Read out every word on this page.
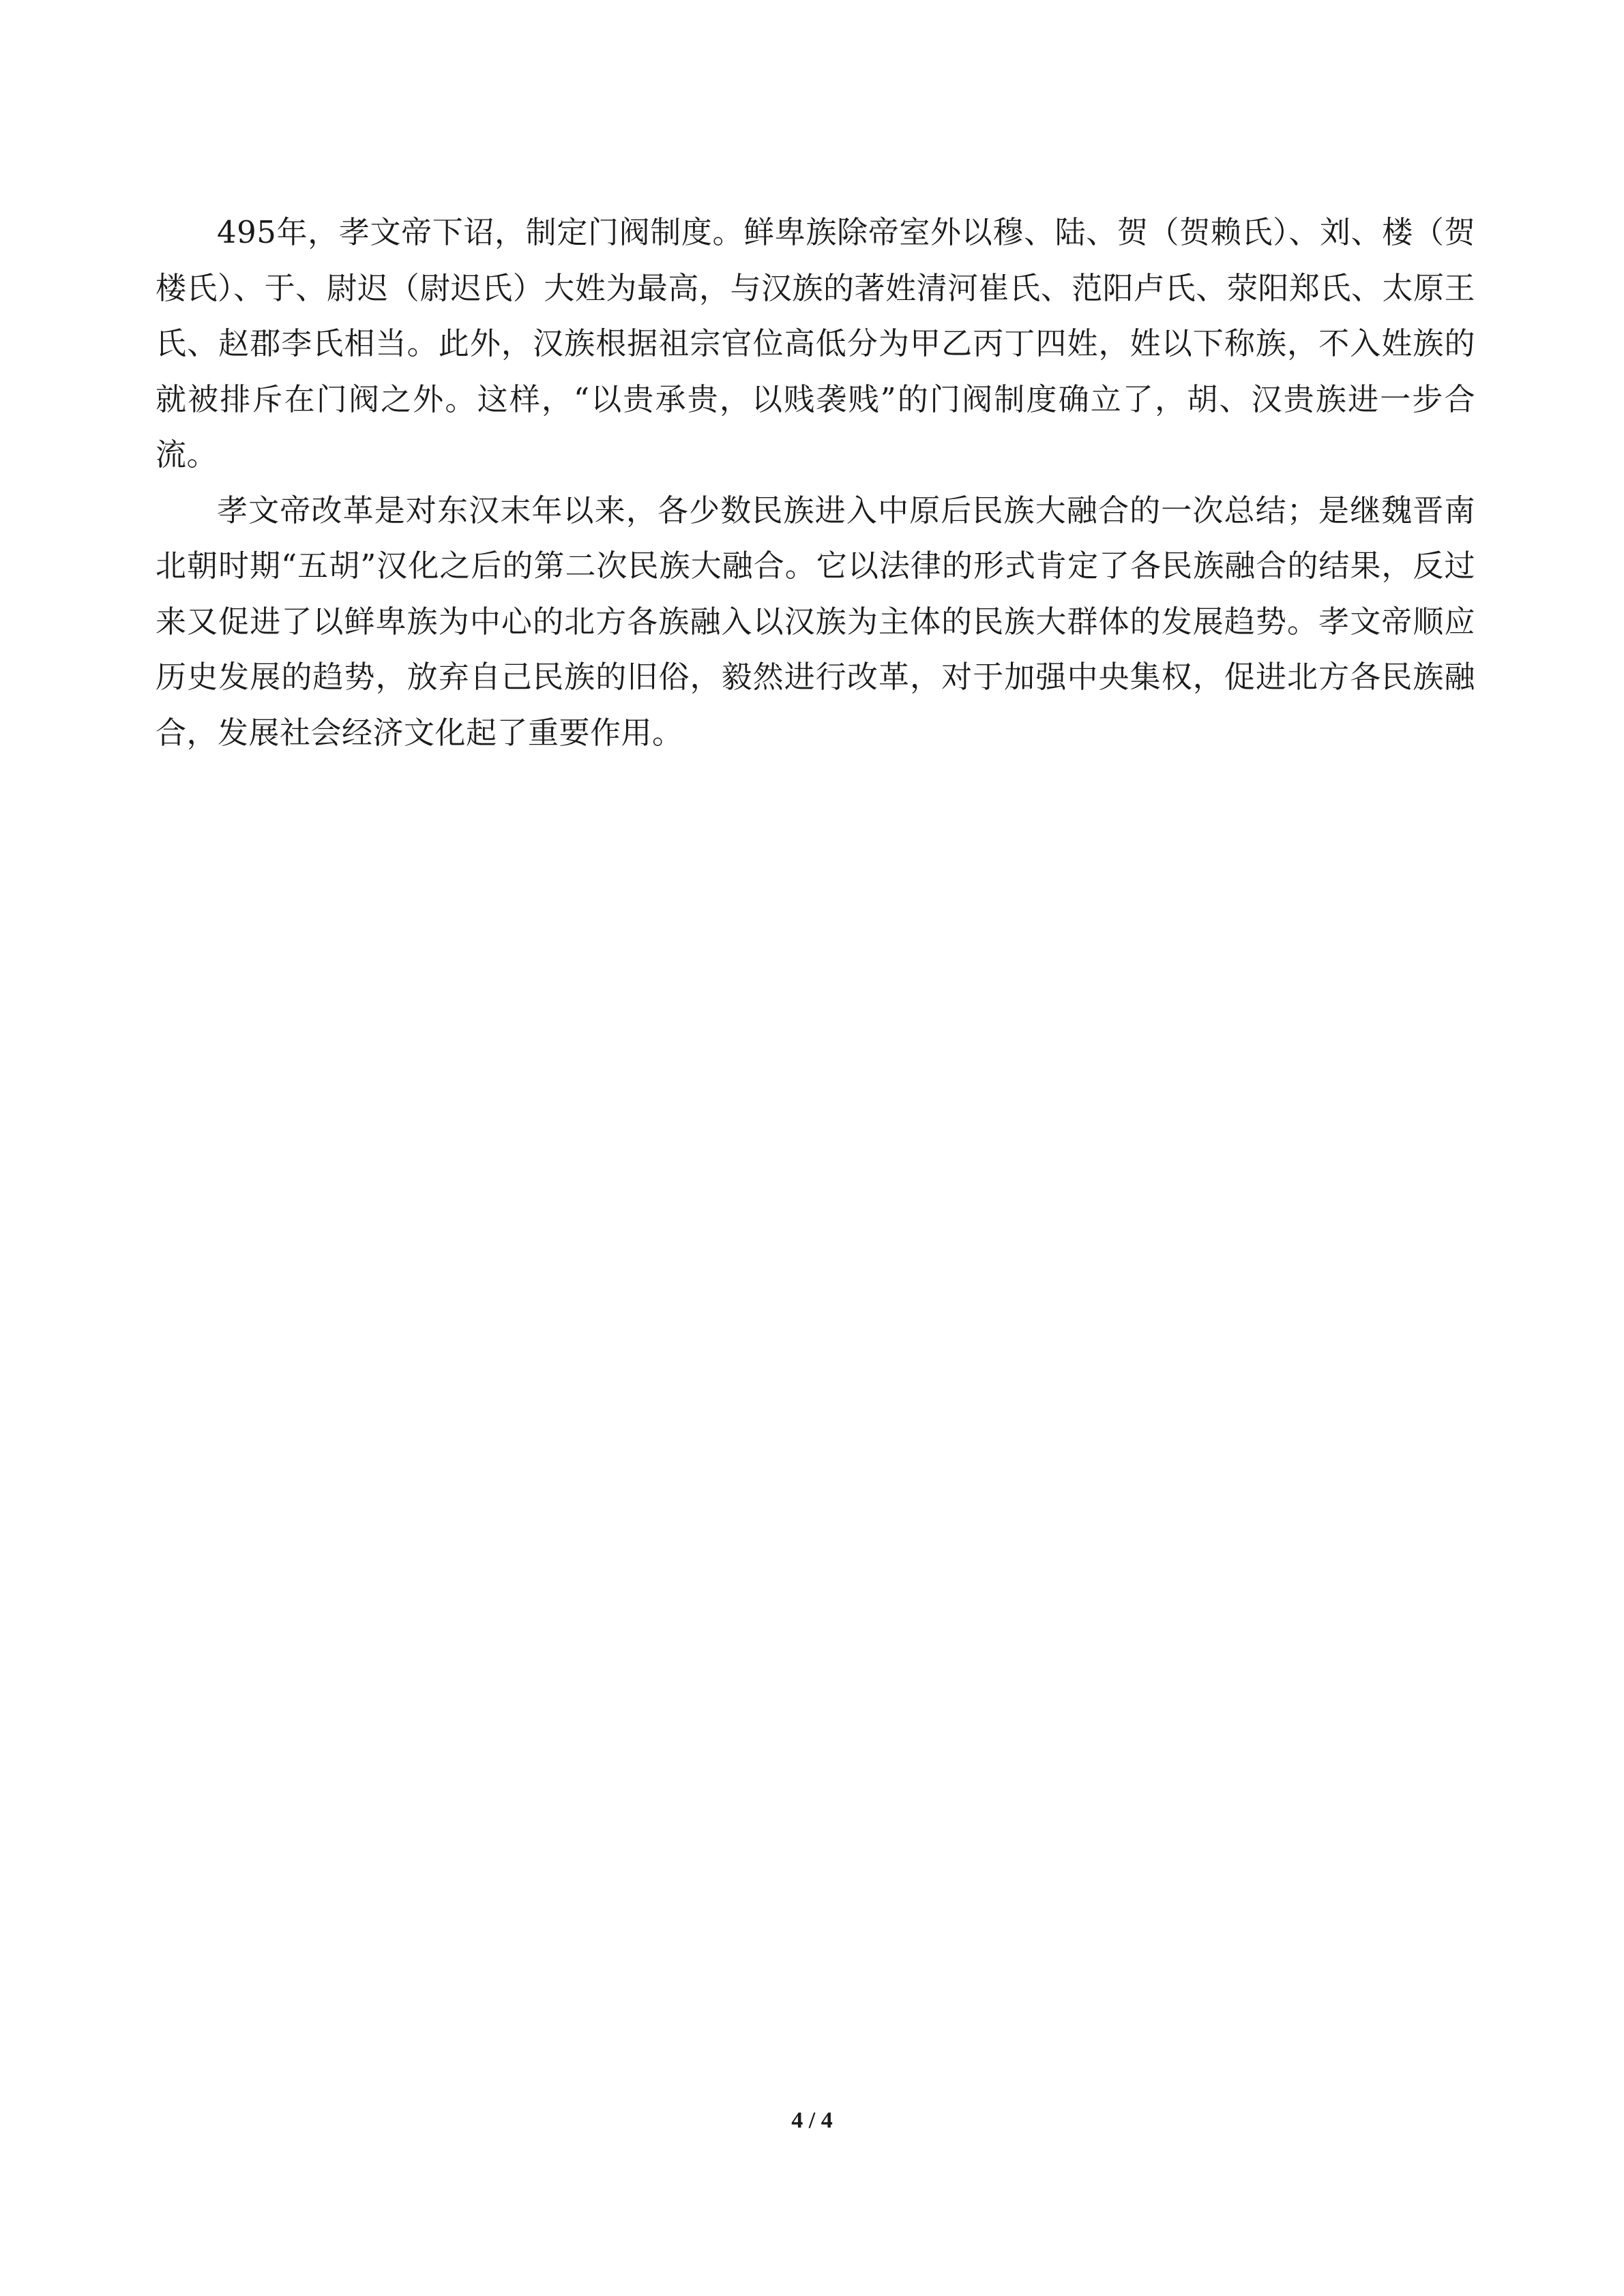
495年，孝文帝下诏，制定门阀制度。鲜卑族除帝室外以穆、陆、贺（贺赖氏）、刘、楼（贺楼氏）、于、尉迟（尉迟氏）大姓为最高，与汉族的著姓清河崔氏、范阳卢氏、荥阳郑氏、太原王氏、赵郡李氏相当。此外，汉族根据祖宗官位高低分为甲乙丙丁四姓，姓以下称族，不入姓族的就被排斥在门阀之外。这样，“以贵承贵，以贱袭贱”的门阀制度确立了，胡、汉贵族进一步合流。

孝文帝改革是对东汉末年以来，各少数民族进入中原后民族大融合的一次总结；是继魏晋南北朝时期“五胡”汉化之后的第二次民族大融合。它以法律的形式肯定了各民族融合的结果，反过来又促进了以鲜卑族为中心的北方各族融入以汉族为主体的民族大群体的发展趋势。孝文帝顺应历史发展的趋势，放弃自己民族的旧俗，毅然进行改革，对于加强中央集权，促进北方各民族融合，发展社会经济文化起了重要作用。

4 / 4
